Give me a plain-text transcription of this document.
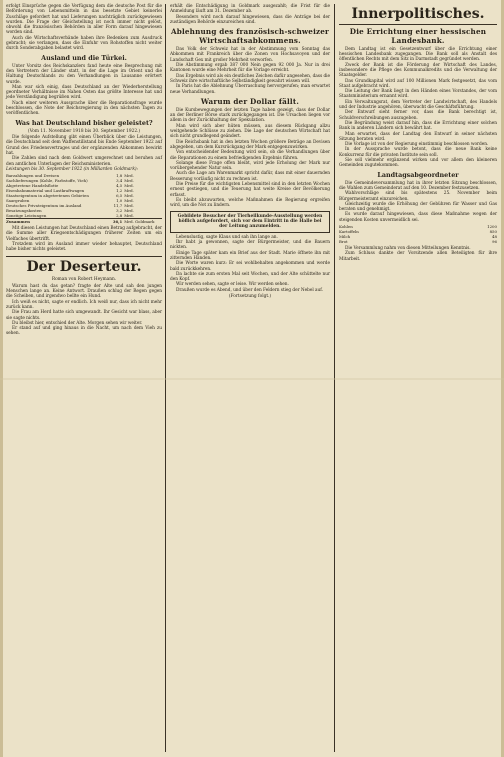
erfolgt Einsprüche gegen die Verfügung dem die deutsche Post für die Beförderung von Lebensmitteln in das besetzte Gebiet keinerlei Zuschläge gefordert hat und Lieferungen nachträglich zurückgewiesen wurden. Die Frage der Gleichstellung ist noch immer nicht gelöst, obwohl die französischen Behörden in aller Form darauf hingewiesen worden sind.

Auch die Wirtschaftsverbände haben ihre Bedenken zum Ausdruck gebracht; sie verlangen, dass die Einfuhr von Rohstoffen nicht weiter durch Sonderabgaben belastet wird.

Ausland und die Türkei.

Unter Vorsitz des Reichskanzlers fand heute eine Besprechung mit den Vertretern der Länder statt, in der die Lage im Orient und die Haltung Deutschlands zu den Verhandlungen in Lausanne erörtert wurde.

Man war sich einig, dass Deutschland an der Wiederherstellung geordneter Verhältnisse im Nahen Osten das größte Interesse hat und jede Verständigung begrüßen wird.

Nach einer weiteren Aussprache über die Reparationsfrage wurde beschlossen, die Note der Reichsregierung in den nächsten Tagen zu veröffentlichen.

Was hat Deutschland bisher geleistet?
(Vom 11. November 1918 bis 30. September 1922.)

Die folgende Aufstellung gibt einen Überblick über die Leistungen, die Deutschland seit dem Waffenstillstand bis Ende September 1922 auf Grund des Friedensvertrages und der ergänzenden Abkommen bewirkt hat.

Die Zahlen sind nach dem Goldwert umgerechnet und beruhen auf den amtlichen Unterlagen der Reichsministerien.

Leistungen bis 30. September 1922 (in Milliarden Goldmark):

Barzahlungen und Devisen	1,8	Mrd.
Sachlieferungen (Kohle, Farbstoffe, Vieh)	3,4	Mrd.
Abgetretene Handelsflotte	4,5	Mrd.
Eisenbahnmaterial und Lastkraftwagen	1,2	Mrd.
Staatseigentum in abgetretenen Gebieten	6,5	Mrd.
Saargruben	1,0	Mrd.
Deutsches Privateigentum im Ausland	11,7	Mrd.
Besatzungskosten	3,2	Mrd.
Sonstige Leistungen	2,8	Mrd.
Zusammen	36,1	Mrd. Goldmark

Mit diesen Leistungen hat Deutschland einen Betrag aufgebracht, der die Summe aller Kriegsentschädigungen früherer Zeiten um ein Vielfaches übertrifft.

Trotzdem wird im Ausland immer wieder behauptet, Deutschland habe bisher nichts geleistet.

Der Deserteur.
Roman von Robert Heymann.

Warum hast du das getan? fragte der Alte und sah den jungen Menschen lange an. Keine Antwort. Draußen schlug der Regen gegen die Scheiben, und irgendwo bellte ein Hund.

Ich weiß es nicht, sagte er endlich. Ich weiß nur, dass ich nicht mehr zurück kann.

Die Frau am Herd hatte sich umgewandt. Ihr Gesicht war blass, aber sie sagte nichts.

Du bleibst hier, entschied der Alte. Morgen sehen wir weiter.

Er stand auf und ging hinaus in die Nacht, um nach dem Vieh zu sehen.

erhält die Entschädigung in Goldmark ausgezahlt; die Frist für die Anmeldung läuft am 31. Dezember ab.

Besonders wird noch darauf hingewiesen, dass die Anträge bei der zuständigen Behörde einzureichen sind.

Ablehnung des französisch-schweizer Wirtschaftsabkommens.

Das Volk der Schweiz hat in der Abstimmung vom Sonntag das Abkommen mit Frankreich über die Zonen von Hochsavoyen und der Landschaft Gex mit großer Mehrheit verworfen.

Die Abstimmung ergab 387 000 Nein gegen 92 000 Ja. Nur in drei Kantonen wurde eine Mehrheit für die Vorlage erreicht.

Das Ergebnis wird als ein deutliches Zeichen dafür angesehen, dass die Schweiz ihre wirtschaftliche Selbständigkeit gewahrt wissen will.

In Paris hat die Ablehnung Überraschung hervorgerufen; man erwartet neue Verhandlungen.

Warum der Dollar fällt.

Die Kursbewegungen der letzten Tage haben gezeigt, dass der Dollar an der Berliner Börse stark zurückgegangen ist. Die Ursachen liegen vor allem in der Zurückhaltung der Spekulation.

Man wird sich aber hüten müssen, aus diesem Rückgang allzu weitgehende Schlüsse zu ziehen. Die Lage der deutschen Wirtschaft hat sich nicht grundlegend geändert.

Die Reichsbank hat in den letzten Wochen größere Beträge an Devisen abgegeben, um dem Kursrückgang der Mark entgegenzuwirken.

Von entscheidender Bedeutung wird sein, ob die Verhandlungen über die Reparationen zu einem befriedigenden Ergebnis führen.

Solange diese Frage offen bleibt, wird jede Erholung der Mark nur vorübergehender Natur sein.

Auch die Lage am Warenmarkt spricht dafür, dass mit einer dauernden Besserung vorläufig nicht zu rechnen ist.

Die Preise für die wichtigsten Lebensmittel sind in den letzten Wochen erneut gestiegen, und die Teuerung hat weite Kreise der Bevölkerung erfasst.

Es bleibt abzuwarten, welche Maßnahmen die Regierung ergreifen wird, um die Not zu lindern.

Gebildete Besucher der Tierheilkunde-Ausstellung werden höflich aufgefordert, sich vor dem Eintritt in die Halle bei der Leitung anzumelden.

Lebenslustig, sagte Klaus und sah ihn lange an.

Ihr habt ja gewonnen, sagte der Bürgermeister, und die Bauern nickten.

Einige Tage später kam ein Brief aus der Stadt. Marie öffnete ihn mit zitternden Händen.

Die Worte waren kurz: Er sei wohlbehalten angekommen und werde bald zurückkehren.

Da lachte sie zum ersten Mal seit Wochen, und der Alte schüttelte nur den Kopf.

Wir werden sehen, sagte er leise. Wir werden sehen.

Draußen wurde es Abend, und über den Feldern stieg der Nebel auf.

(Fortsetzung folgt.)
Innerpolitisches.
Die Errichtung einer hessischen Landesbank.

Dem Landtag ist ein Gesetzentwurf über die Errichtung einer hessischen Landesbank zugegangen. Die Bank soll als Anstalt des öffentlichen Rechts mit dem Sitz in Darmstadt gegründet werden.

Zweck der Bank ist die Förderung der Wirtschaft des Landes, insbesondere die Pflege des Kommunalkredits und die Verwaltung der Staatsgelder.

Das Grundkapital wird auf 100 Millionen Mark festgesetzt, das vom Staat aufgebracht wird.

Die Leitung der Bank liegt in den Händen eines Vorstandes, der vom Staatsministerium ernannt wird.

Ein Verwaltungsrat, dem Vertreter der Landwirtschaft, des Handels und der Industrie angehören, überwacht die Geschäftsführung.

Der Entwurf sieht ferner vor, dass die Bank berechtigt ist, Schuldverschreibungen auszugeben.

Die Begründung weist darauf hin, dass die Errichtung einer solchen Bank in anderen Ländern sich bewährt hat.

Man erwartet, dass der Landtag den Entwurf in seiner nächsten Sitzung beraten wird.

Die Vorlage ist von der Regierung einstimmig beschlossen worden.

In der Aussprache wurde betont, dass die neue Bank keine Konkurrenz für die privaten Institute sein soll.

Sie soll vielmehr ergänzend wirken und vor allem den kleineren Gemeinden zugutekommen.

Landtagsabgeordneter

Die Gemeindeversammlung hat in ihrer letzten Sitzung beschlossen, die Wahlen zum Gemeinderat auf den 10. Dezember festzusetzen.

Wahlvorschläge sind bis spätestens 25. November beim Bürgermeisteramt einzureichen.

Gleichzeitig wurde die Erhöhung der Gebühren für Wasser und Gas beraten und genehmigt.

Es wurde darauf hingewiesen, dass diese Maßnahme wegen der steigenden Kosten unvermeidlich sei.

Kohlen	1200
Kartoffeln	850
Milch	48
Brot	96

Die Versammlung nahm von diesen Mitteilungen Kenntnis.

Zum Schluss dankte der Vorsitzende allen Beteiligten für ihre Mitarbeit.
